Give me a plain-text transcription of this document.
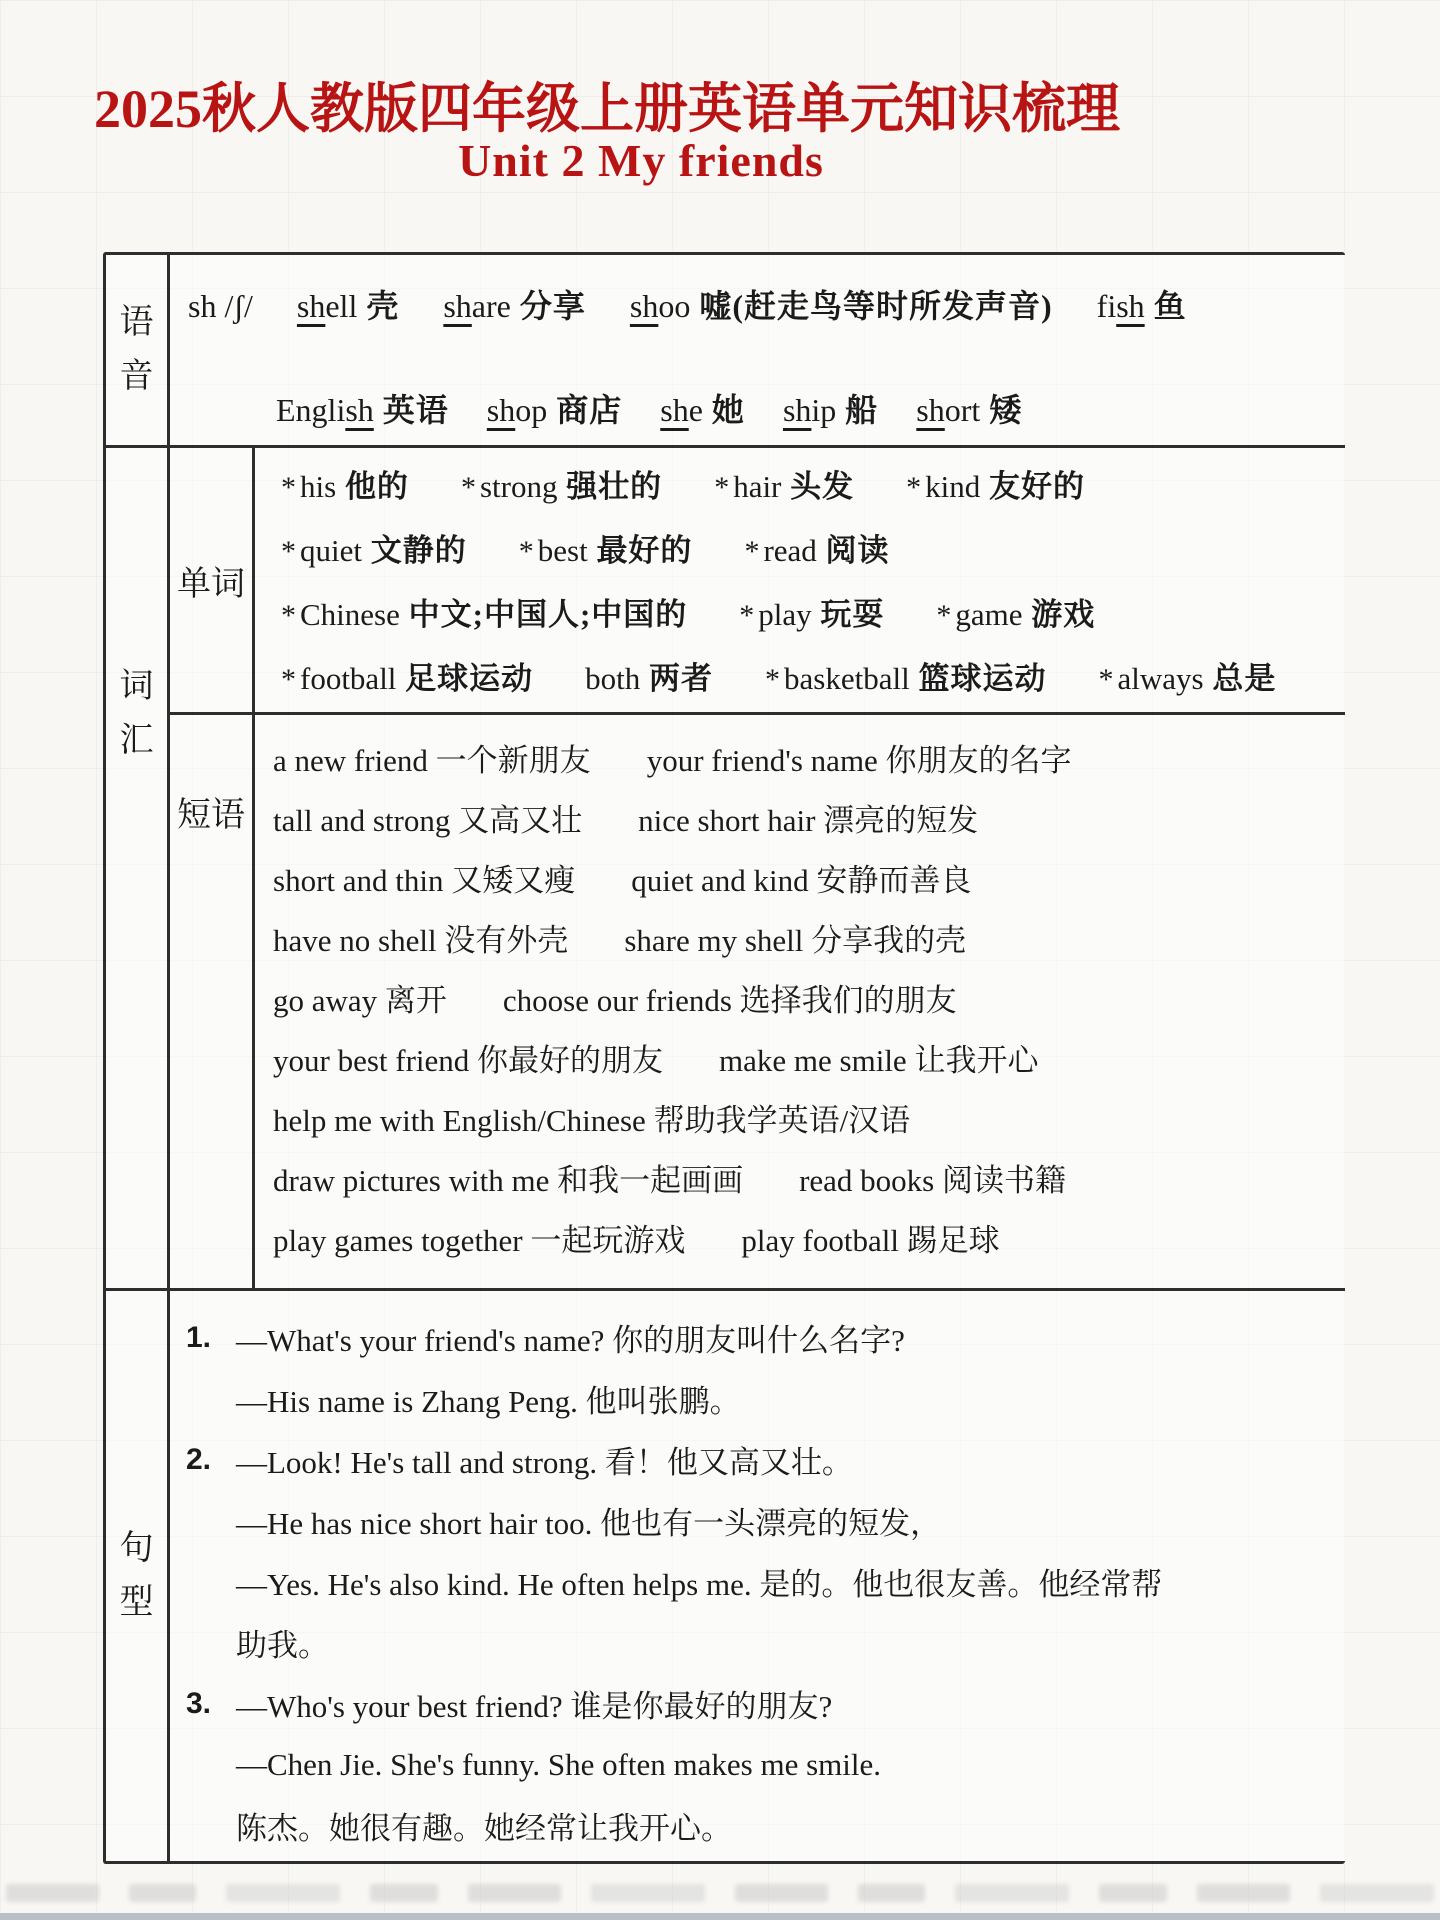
2025秋人教版四年级上册英语单元知识梳理
Unit 2 My friends
语音
sh /ʃ/ shell 壳 share 分享 shoo 嘘(赶走鸟等时所发声音) fish 鱼
English 英语 shop 商店 she 她 ship 船 short 矮
词汇
单词
* his 他的 * strong 强壮的 * hair 头发 * kind 友好的
* quiet 文静的 * best 最好的 * read 阅读
* Chinese 中文;中国人;中国的 * play 玩耍 * game 游戏
* football 足球运动 both 两者 * basketball 篮球运动 * always 总是
短语
a new friend 一个新朋友 your friend's name 你朋友的名字
tall and strong 又高又壮 nice short hair 漂亮的短发
short and thin 又矮又瘦 quiet and kind 安静而善良
have no shell 没有外壳 share my shell 分享我的壳
go away 离开 choose our friends 选择我们的朋友
your best friend 你最好的朋友 make me smile 让我开心
help me with English/Chinese 帮助我学英语/汉语
draw pictures with me 和我一起画画 read books 阅读书籍
play games together 一起玩游戏 play football 踢足球
句型
1. —What's your friend's name? 你的朋友叫什么名字?
—His name is Zhang Peng. 他叫张鹏。
2. —Look! He's tall and strong. 看！他又高又壮。
—He has nice short hair too. 他也有一头漂亮的短发，
—Yes. He's also kind. He often helps me. 是的。他也很友善。他经常帮
助我。
3. —Who's your best friend? 谁是你最好的朋友?
—Chen Jie. She's funny. She often makes me smile.
陈杰。她很有趣。她经常让我开心。
